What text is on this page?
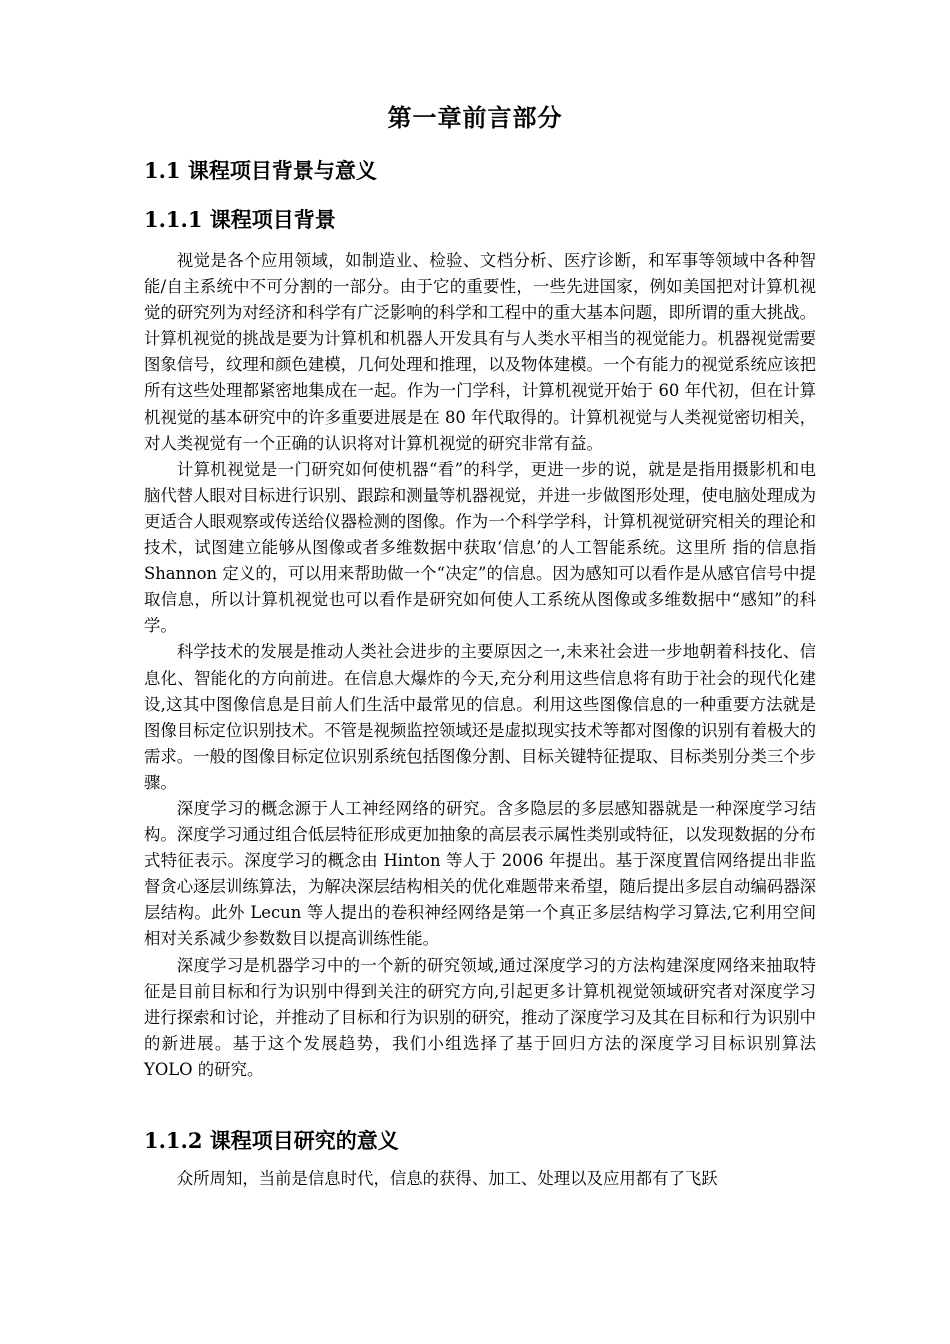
第一章前言部分
1.1 课程项目背景与意义
1.1.1 课程项目背景

视觉是各个应用领域，如制造业、检验、文档分析、医疗诊断，和军事等领域中各种智能/自主系统中不可分割的一部分。由于它的重要性，一些先进国家，例如美国把对计算机视觉的研究列为对经济和科学有广泛影响的科学和工程中的重大基本问题，即所谓的重大挑战。计算机视觉的挑战是要为计算机和机器人开发具有与人类水平相当的视觉能力。机器视觉需要图象信号，纹理和颜色建模，几何处理和推理，以及物体建模。一个有能力的视觉系统应该把所有这些处理都紧密地集成在一起。作为一门学科，计算机视觉开始于 60 年代初，但在计算机视觉的基本研究中的许多重要进展是在 80 年代取得的。计算机视觉与人类视觉密切相关，对人类视觉有一个正确的认识将对计算机视觉的研究非常有益。

计算机视觉是一门研究如何使机器“看”的科学，更进一步的说，就是是指用摄影机和电脑代替人眼对目标进行识别、跟踪和测量等机器视觉，并进一步做图形处理，使电脑处理成为更适合人眼观察或传送给仪器检测的图像。作为一个科学学科，计算机视觉研究相关的理论和技术，试图建立能够从图像或者多维数据中获取‘信息’的人工智能系统。这里所 指的信息指 Shannon 定义的，可以用来帮助做一个“决定”的信息。因为感知可以看作是从感官信号中提 取信息，所以计算机视觉也可以看作是研究如何使人工系统从图像或多维数据中“感知”的科学。

科学技术的发展是推动人类社会进步的主要原因之一,未来社会进一步地朝着科技化、信息化、智能化的方向前进。在信息大爆炸的今天,充分利用这些信息将有助于社会的现代化建设,这其中图像信息是目前人们生活中最常见的信息。利用这些图像信息的一种重要方法就是图像目标定位识别技术。不管是视频监控领域还是虚拟现实技术等都对图像的识别有着极大的需求。一般的图像目标定位识别系统包括图像分割、目标关键特征提取、目标类别分类三个步骤。

深度学习的概念源于人工神经网络的研究。含多隐层的多层感知器就是一种深度学习结构。深度学习通过组合低层特征形成更加抽象的高层表示属性类别或特征，以发现数据的分布式特征表示。深度学习的概念由 Hinton 等人于 2006 年提出。基于深度置信网络提出非监督贪心逐层训练算法，为解决深层结构相关的优化难题带来希望，随后提出多层自动编码器深层结构。此外 Lecun 等人提出的卷积神经网络是第一个真正多层结构学习算法,它利用空间相对关系减少参数数目以提高训练性能。

深度学习是机器学习中的一个新的研究领域,通过深度学习的方法构建深度网络来抽取特征是目前目标和行为识别中得到关注的研究方向,引起更多计算机视觉领域研究者对深度学习进行探索和讨论，并推动了目标和行为识别的研究，推动了深度学习及其在目标和行为识别中的新进展。基于这个发展趋势，我们小组选择了基于回归方法的深度学习目标识别算法 YOLO 的研究。

1.1.2 课程项目研究的意义

众所周知，当前是信息时代，信息的获得、加工、处理以及应用都有了飞跃
